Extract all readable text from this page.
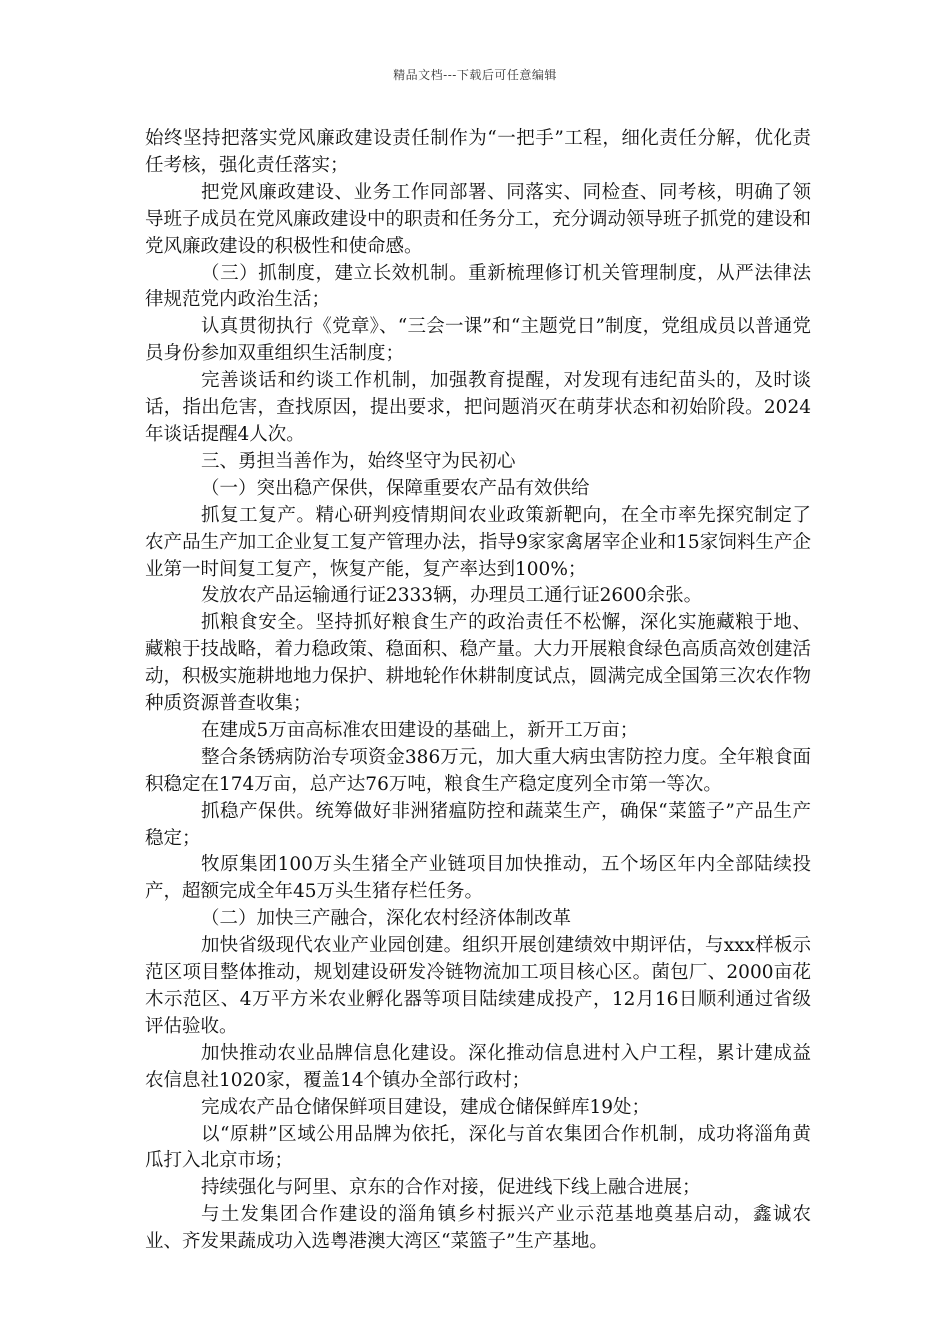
精品文档---下载后可任意编辑

始终坚持把落实党风廉政建设责任制作为“一把手”工程，细化责任分解，优化责任考核，强化责任落实；

把党风廉政建设、业务工作同部署、同落实、同检查、同考核，明确了领导班子成员在党风廉政建设中的职责和任务分工，充分调动领导班子抓党的建设和党风廉政建设的积极性和使命感。

（三）抓制度，建立长效机制。重新梳理修订机关管理制度，从严法律法律规范党内政治生活；

认真贯彻执行《党章》、“三会一课”和“主题党日”制度，党组成员以普通党员身份参加双重组织生活制度；

完善谈话和约谈工作机制，加强教育提醒，对发现有违纪苗头的，及时谈话，指出危害，查找原因，提出要求，把问题消灭在萌芽状态和初始阶段。2024年谈话提醒4人次。

三、勇担当善作为，始终坚守为民初心

（一）突出稳产保供，保障重要农产品有效供给

抓复工复产。精心研判疫情期间农业政策新靶向，在全市率先探究制定了农产品生产加工企业复工复产管理办法，指导9家家禽屠宰企业和15家饲料生产企业第一时间复工复产，恢复产能，复产率达到100%；

发放农产品运输通行证2333辆，办理员工通行证2600余张。

抓粮食安全。坚持抓好粮食生产的政治责任不松懈，深化实施藏粮于地、藏粮于技战略，着力稳政策、稳面积、稳产量。大力开展粮食绿色高质高效创建活动，积极实施耕地地力保护、耕地轮作休耕制度试点，圆满完成全国第三次农作物种质资源普查收集；

在建成5万亩高标准农田建设的基础上，新开工万亩；

整合条锈病防治专项资金386万元，加大重大病虫害防控力度。全年粮食面积稳定在174万亩，总产达76万吨，粮食生产稳定度列全市第一等次。

抓稳产保供。统筹做好非洲猪瘟防控和蔬菜生产，确保“菜篮子”产品生产稳定；

牧原集团100万头生猪全产业链项目加快推动，五个场区年内全部陆续投产，超额完成全年45万头生猪存栏任务。

（二）加快三产融合，深化农村经济体制改革

加快省级现代农业产业园创建。组织开展创建绩效中期评估，与xxx样板示范区项目整体推动，规划建设研发冷链物流加工项目核心区。菌包厂、2000亩花木示范区、4万平方米农业孵化器等项目陆续建成投产，12月16日顺利通过省级评估验收。

加快推动农业品牌信息化建设。深化推动信息进村入户工程，累计建成益农信息社1020家，覆盖14个镇办全部行政村；

完成农产品仓储保鲜项目建设，建成仓储保鲜库19处；

以“原耕”区域公用品牌为依托，深化与首农集团合作机制，成功将淄角黄瓜打入北京市场；

持续强化与阿里、京东的合作对接，促进线下线上融合进展；

与土发集团合作建设的淄角镇乡村振兴产业示范基地奠基启动，鑫诚农业、齐发果蔬成功入选粤港澳大湾区“菜篮子”生产基地。
